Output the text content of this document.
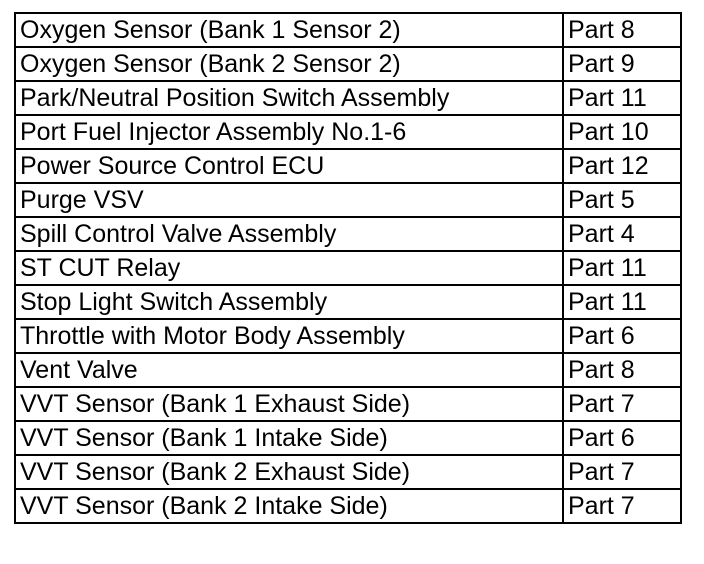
Oxygen Sensor (Bank 1 Sensor 2)	Part 8
Oxygen Sensor (Bank 2 Sensor 2)	Part 9
Park/Neutral Position Switch Assembly	Part 11
Port Fuel Injector Assembly No.1-6	Part 10
Power Source Control ECU	Part 12
Purge VSV	Part 5
Spill Control Valve Assembly	Part 4
ST CUT Relay	Part 11
Stop Light Switch Assembly	Part 11
Throttle with Motor Body Assembly	Part 6
Vent Valve	Part 8
VVT Sensor (Bank 1 Exhaust Side)	Part 7
VVT Sensor (Bank 1 Intake Side)	Part 6
VVT Sensor (Bank 2 Exhaust Side)	Part 7
VVT Sensor (Bank 2 Intake Side)	Part 7
